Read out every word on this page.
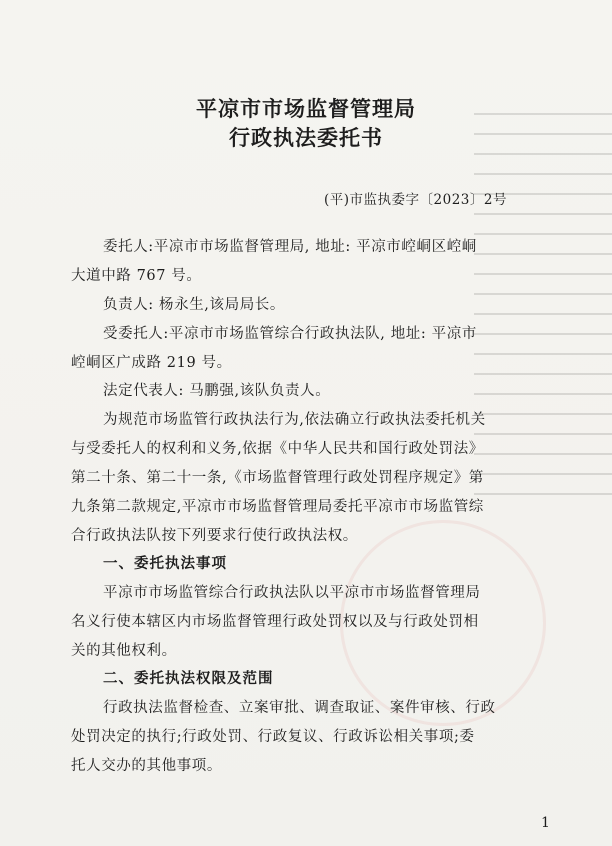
平凉市市场监督管理局
行政执法委托书
(平)市监执委字〔2023〕2号
委托人:平凉市市场监督管理局, 地址: 平凉市崆峒区崆峒
大道中路 767 号。
负责人: 杨永生,该局局长。
受委托人:平凉市市场监管综合行政执法队, 地址: 平凉市
崆峒区广成路 219 号。
法定代表人: 马鹏强,该队负责人。
为规范市场监管行政执法行为,依法确立行政执法委托机关
与受委托人的权利和义务,依据《中华人民共和国行政处罚法》
第二十条、第二十一条,《市场监督管理行政处罚程序规定》第
九条第二款规定,平凉市市场监督管理局委托平凉市市场监管综
合行政执法队按下列要求行使行政执法权。
一、委托执法事项
平凉市市场监管综合行政执法队以平凉市市场监督管理局
名义行使本辖区内市场监督管理行政处罚权以及与行政处罚相
关的其他权利。
二、委托执法权限及范围
行政执法监督检查、立案审批、调查取证、案件审核、行政
处罚决定的执行;行政处罚、行政复议、行政诉讼相关事项;委
托人交办的其他事项。
1
